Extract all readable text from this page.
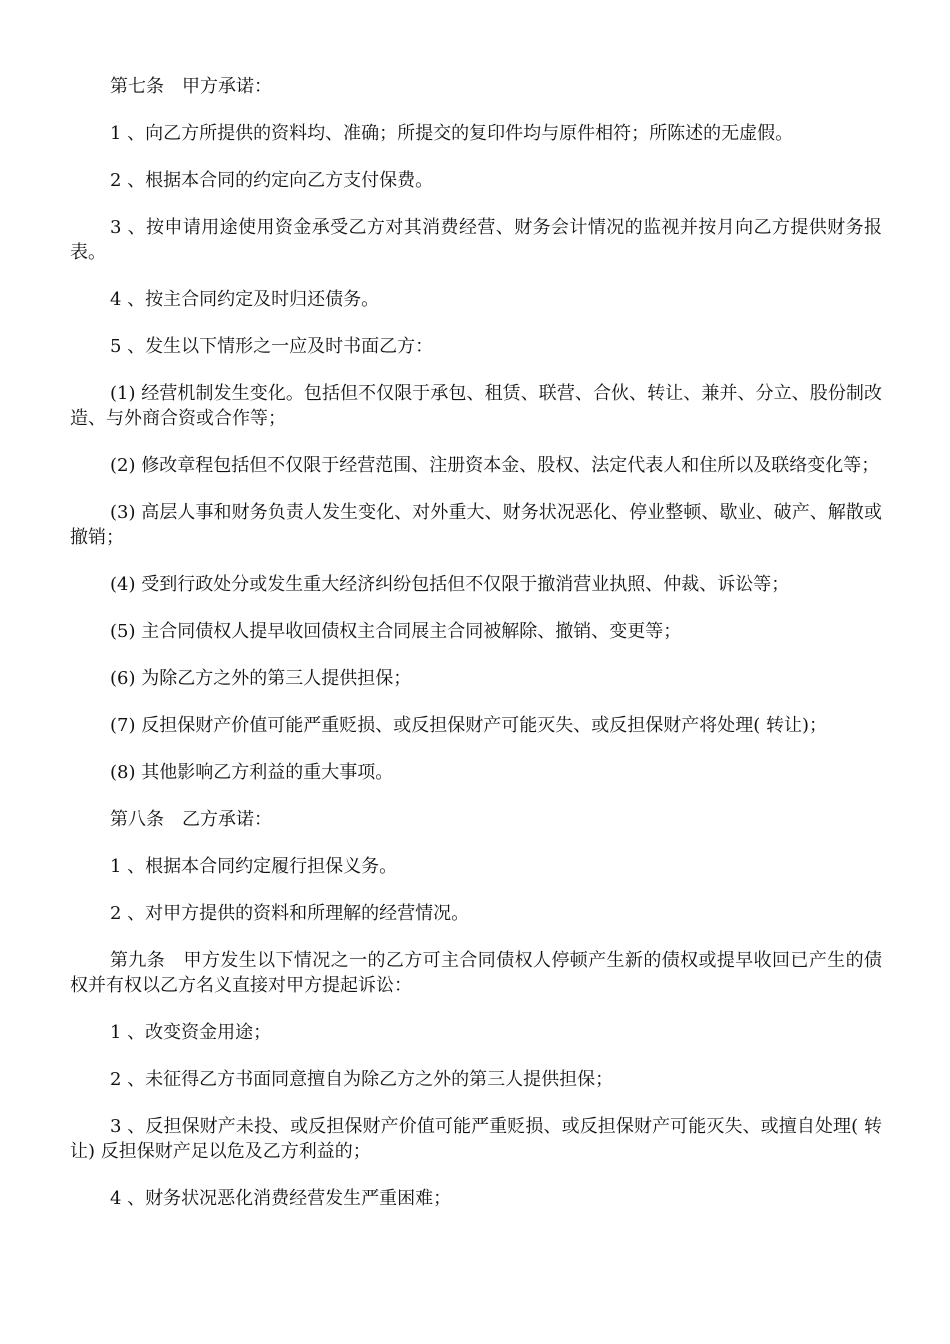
第七条　甲方承诺：

1 、向乙方所提供的资料均、准确；所提交的复印件均与原件相符；所陈述的无虚假。

2 、根据本合同的约定向乙方支付保费。

3 、按申请用途使用资金承受乙方对其消费经营、财务会计情况的监视并按月向乙方提供财务报表。

4 、按主合同约定及时归还债务。

5 、发生以下情形之一应及时书面乙方：

(1) 经营机制发生变化。包括但不仅限于承包、租赁、联营、合伙、转让、兼并、分立、股份制改造、与外商合资或合作等；

(2) 修改章程包括但不仅限于经营范围、注册资本金、股权、法定代表人和住所以及联络变化等；

(3) 高层人事和财务负责人发生变化、对外重大、财务状况恶化、停业整顿、歇业、破产、解散或撤销；

(4) 受到行政处分或发生重大经济纠纷包括但不仅限于撤消营业执照、仲裁、诉讼等；

(5) 主合同债权人提早收回债权主合同展主合同被解除、撤销、变更等；

(6) 为除乙方之外的第三人提供担保；

(7) 反担保财产价值可能严重贬损、或反担保财产可能灭失、或反担保财产将处理( 转让)；

(8) 其他影响乙方利益的重大事项。

第八条　乙方承诺：

1 、根据本合同约定履行担保义务。

2 、对甲方提供的资料和所理解的经营情况。

第九条　甲方发生以下情况之一的乙方可主合同债权人停顿产生新的债权或提早收回已产生的债权并有权以乙方名义直接对甲方提起诉讼：

1 、改变资金用途；

2 、未征得乙方书面同意擅自为除乙方之外的第三人提供担保；

3 、反担保财产未投、或反担保财产价值可能严重贬损、或反担保财产可能灭失、或擅自处理( 转让) 反担保财产足以危及乙方利益的；

4 、财务状况恶化消费经营发生严重困难；
